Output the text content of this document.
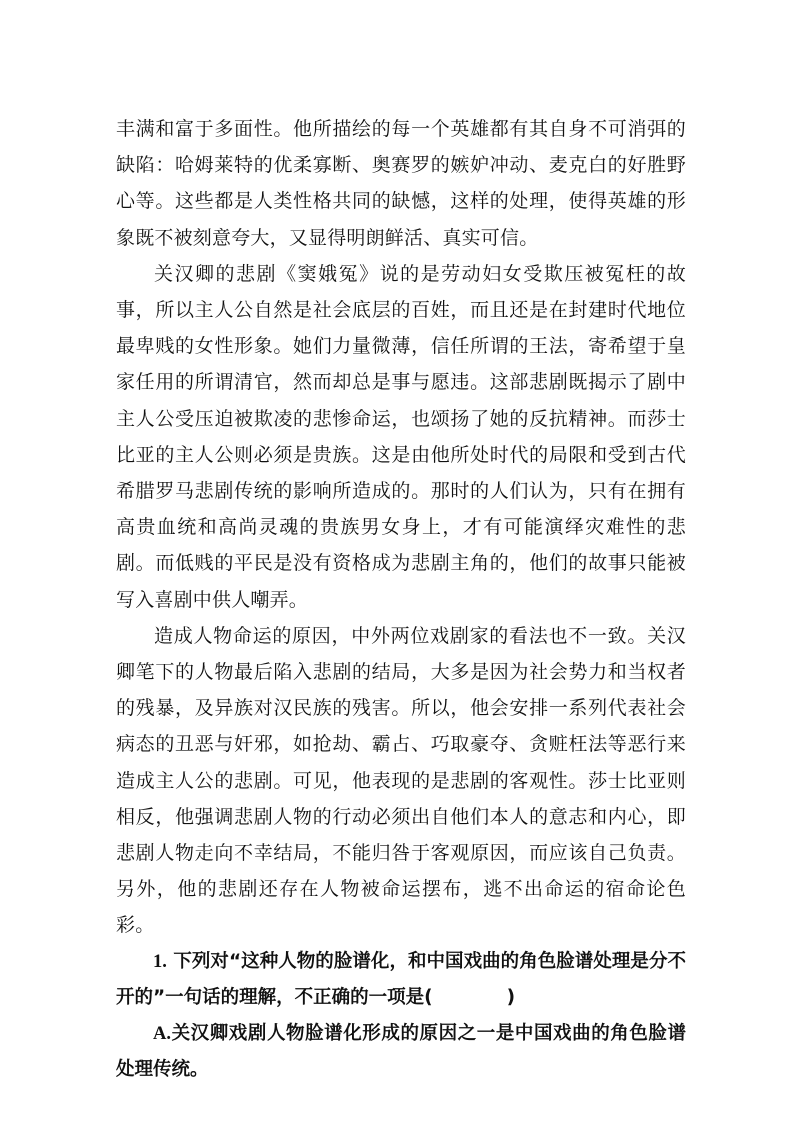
丰满和富于多面性。他所描绘的每一个英雄都有其自身不可消弭的缺陷：哈姆莱特的优柔寡断、奥赛罗的嫉妒冲动、麦克白的好胜野心等。这些都是人类性格共同的缺憾，这样的处理，使得英雄的形象既不被刻意夸大，又显得明朗鲜活、真实可信。

关汉卿的悲剧《窦娥冤》说的是劳动妇女受欺压被冤枉的故事，所以主人公自然是社会底层的百姓，而且还是在封建时代地位最卑贱的女性形象。她们力量微薄，信任所谓的王法，寄希望于皇家任用的所谓清官，然而却总是事与愿违。这部悲剧既揭示了剧中主人公受压迫被欺凌的悲惨命运，也颂扬了她的反抗精神。而莎士比亚的主人公则必须是贵族。这是由他所处时代的局限和受到古代希腊罗马悲剧传统的影响所造成的。那时的人们认为，只有在拥有高贵血统和高尚灵魂的贵族男女身上，才有可能演绎灾难性的悲剧。而低贱的平民是没有资格成为悲剧主角的，他们的故事只能被写入喜剧中供人嘲弄。

造成人物命运的原因，中外两位戏剧家的看法也不一致。关汉卿笔下的人物最后陷入悲剧的结局，大多是因为社会势力和当权者的残暴，及异族对汉民族的残害。所以，他会安排一系列代表社会病态的丑恶与奸邪，如抢劫、霸占、巧取豪夺、贪赃枉法等恶行来造成主人公的悲剧。可见，他表现的是悲剧的客观性。莎士比亚则相反，他强调悲剧人物的行动必须出自他们本人的意志和内心，即悲剧人物走向不幸结局，不能归咎于客观原因，而应该自己负责。另外，他的悲剧还存在人物被命运摆布，逃不出命运的宿命论色彩。

1. 下列对“这种人物的脸谱化，和中国戏曲的角色脸谱处理是分不开的”一句话的理解，不正确的一项是(　　	)

A.关汉卿戏剧人物脸谱化形成的原因之一是中国戏曲的角色脸谱处理传统。
